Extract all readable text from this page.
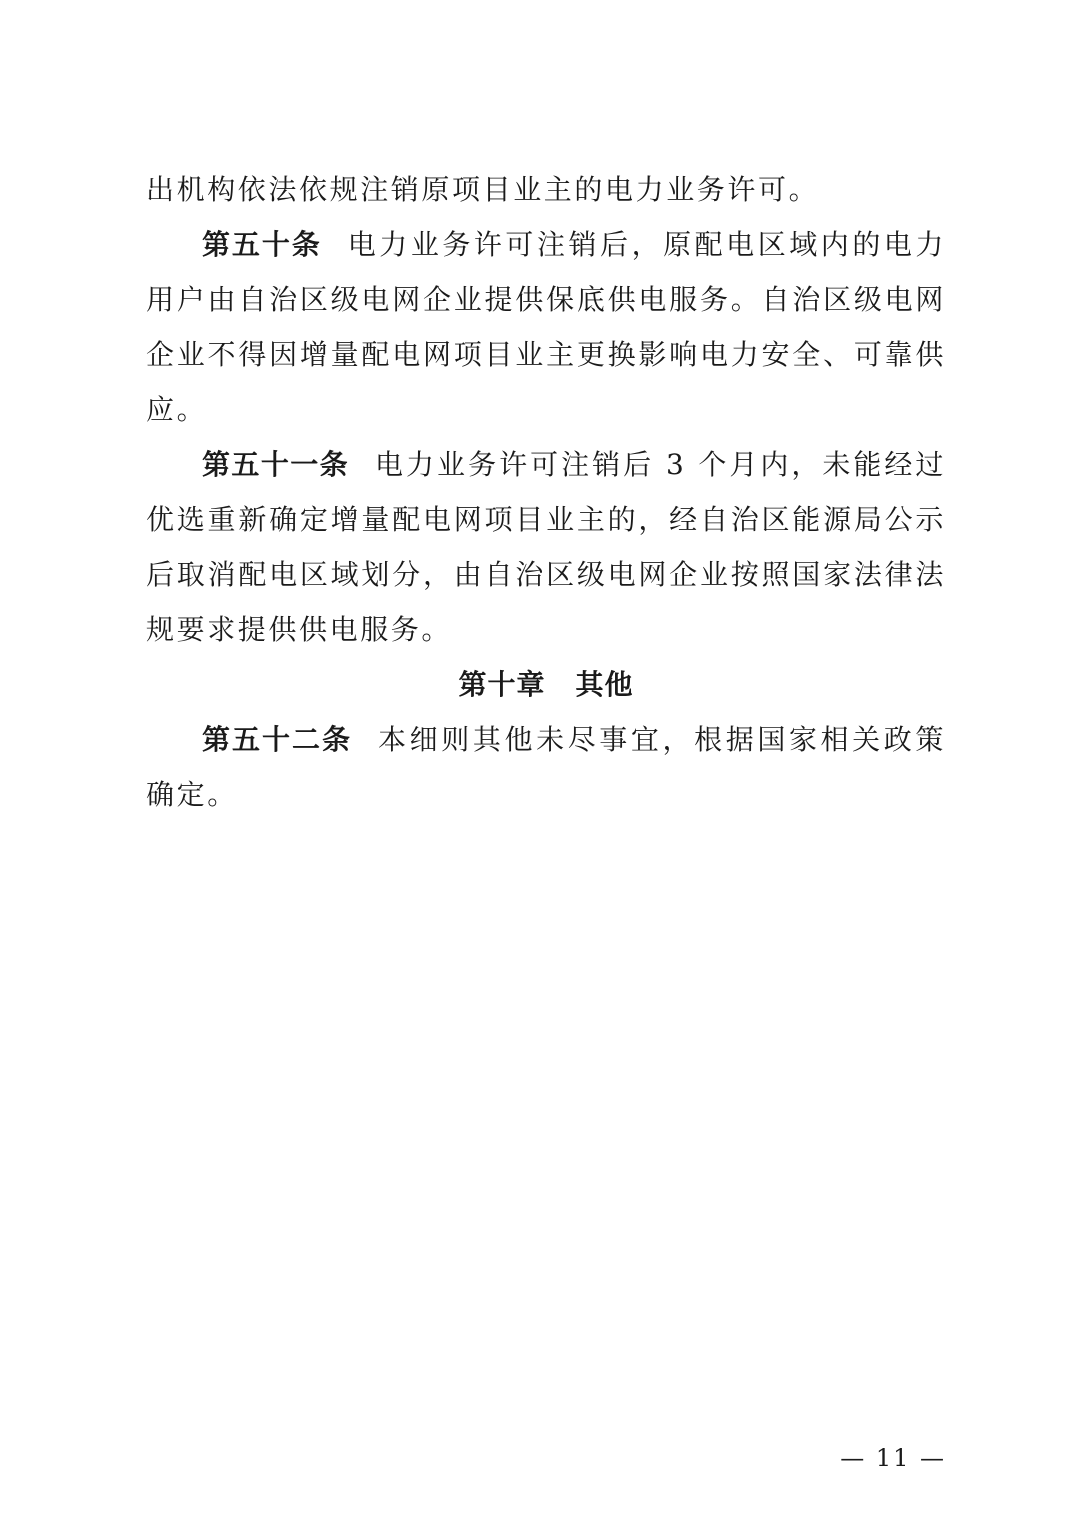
出机构依法依规注销原项目业主的电力业务许可。

第五十条 电力业务许可注销后，原配电区域内的电力用户由自治区级电网企业提供保底供电服务。自治区级电网企业不得因增量配电网项目业主更换影响电力安全、可靠供应。

第五十一条 电力业务许可注销后 3 个月内，未能经过优选重新确定增量配电网项目业主的，经自治区能源局公示后取消配电区域划分，由自治区级电网企业按照国家法律法规要求提供供电服务。

第十章 其他

第五十二条 本细则其他未尽事宜，根据国家相关政策确定。

— 11 —
